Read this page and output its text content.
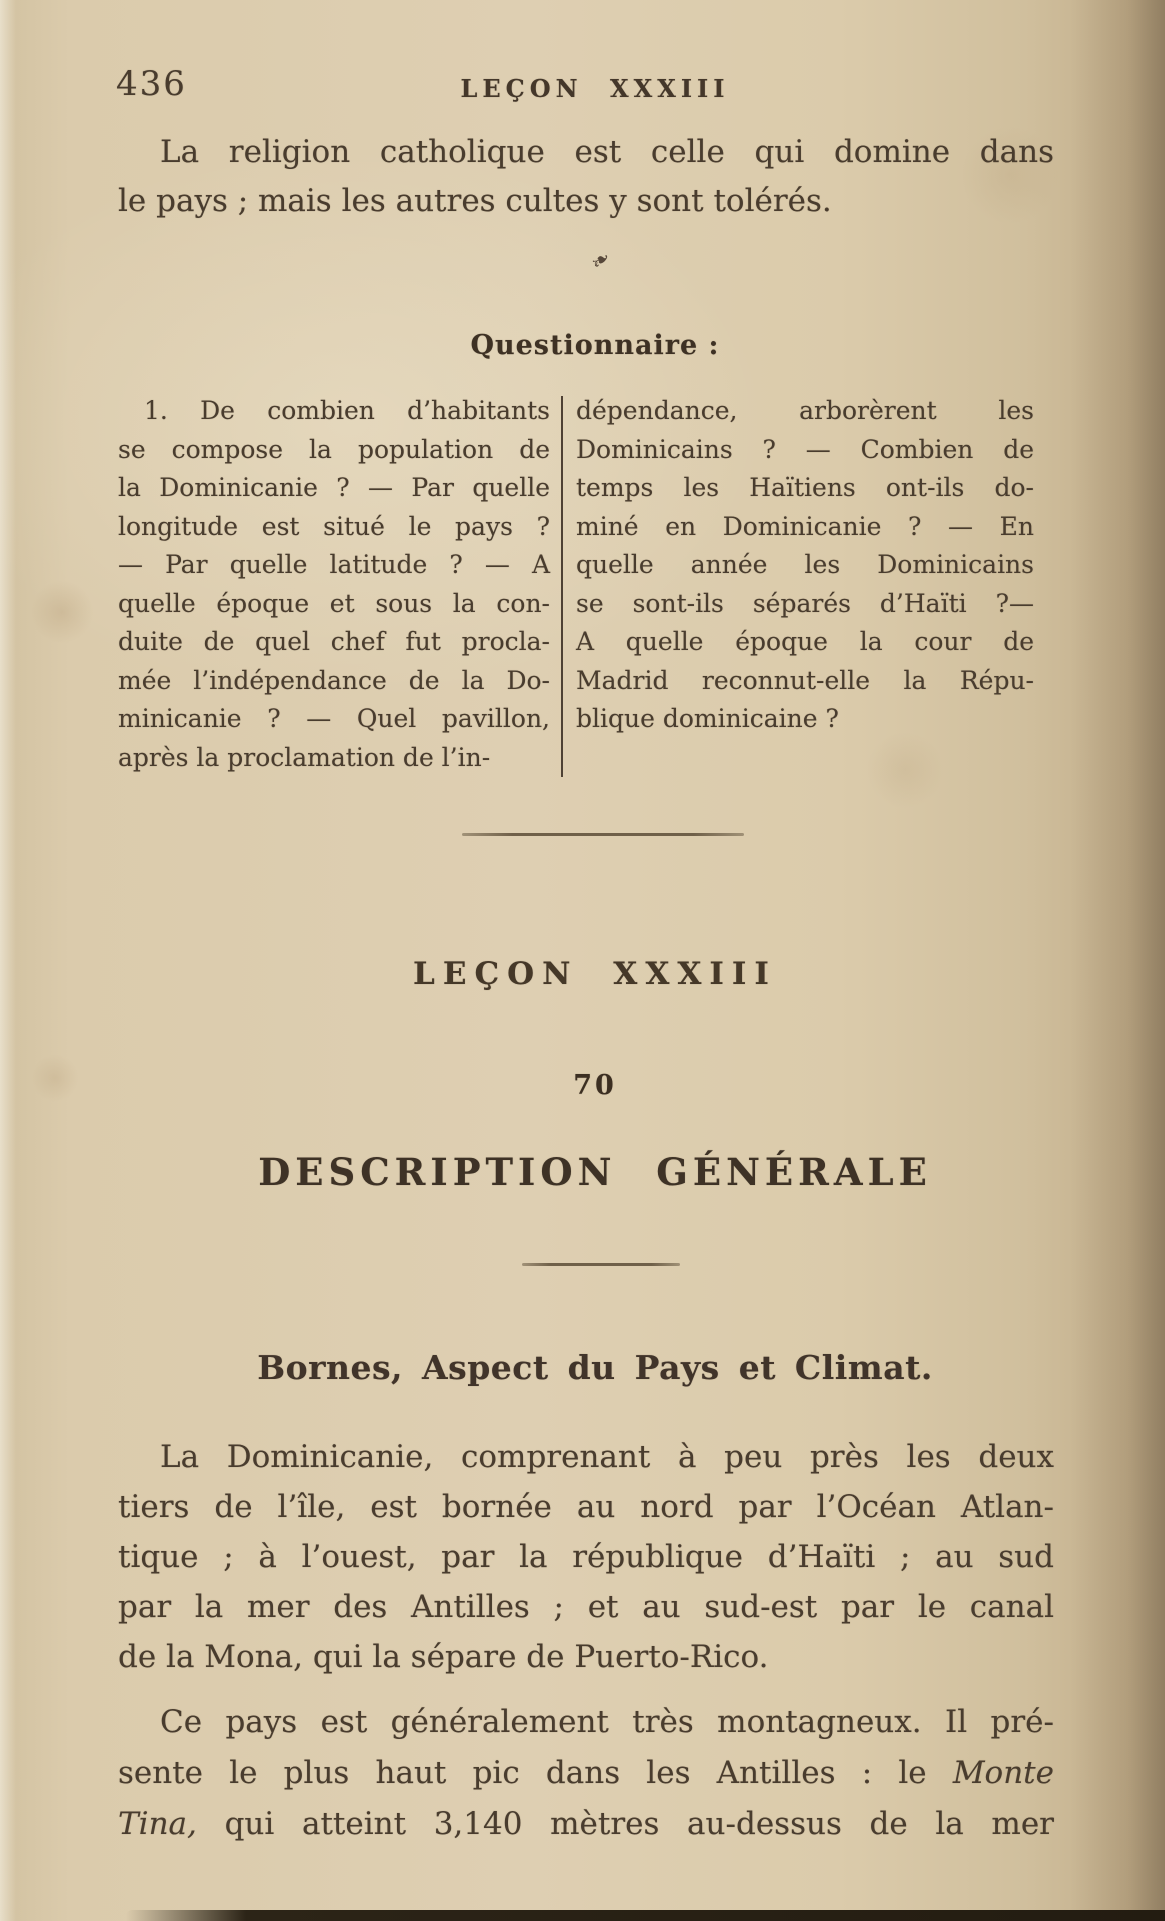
436	LEÇON XXXIII
La religion catholique est celle qui domine dans
le pays ; mais les autres cultes y sont tolérés.
❧
Questionnaire :
1. De combien d’habitants
se compose la population de
la Dominicanie ? — Par quelle
longitude est situé le pays ?
— Par quelle latitude ? — A
quelle époque et sous la con-
duite de quel chef fut procla-
mée l’indépendance de la Do-
minicanie ? — Quel pavillon,
après la proclamation de l’in-
dépendance, arborèrent les
Dominicains ? — Combien de
temps les Haïtiens ont-ils do-
miné en Dominicanie ? — En
quelle année les Dominicains
se sont-ils séparés d’Haïti ?—
A quelle époque la cour de
Madrid reconnut-elle la Répu-
blique dominicaine ?
LEÇON XXXIII
70
DESCRIPTION GÉNÉRALE
Bornes, Aspect du Pays et Climat.
La Dominicanie, comprenant à peu près les deux
tiers de l’île, est bornée au nord par l’Océan Atlan-
tique ; à l’ouest, par la république d’Haïti ; au sud
par la mer des Antilles ; et au sud-est par le canal
de la Mona, qui la sépare de Puerto-Rico.
Ce pays est généralement très montagneux. Il pré-
sente le plus haut pic dans les Antilles : le Monte
Tina, qui atteint 3,140 mètres au-dessus de la mer
